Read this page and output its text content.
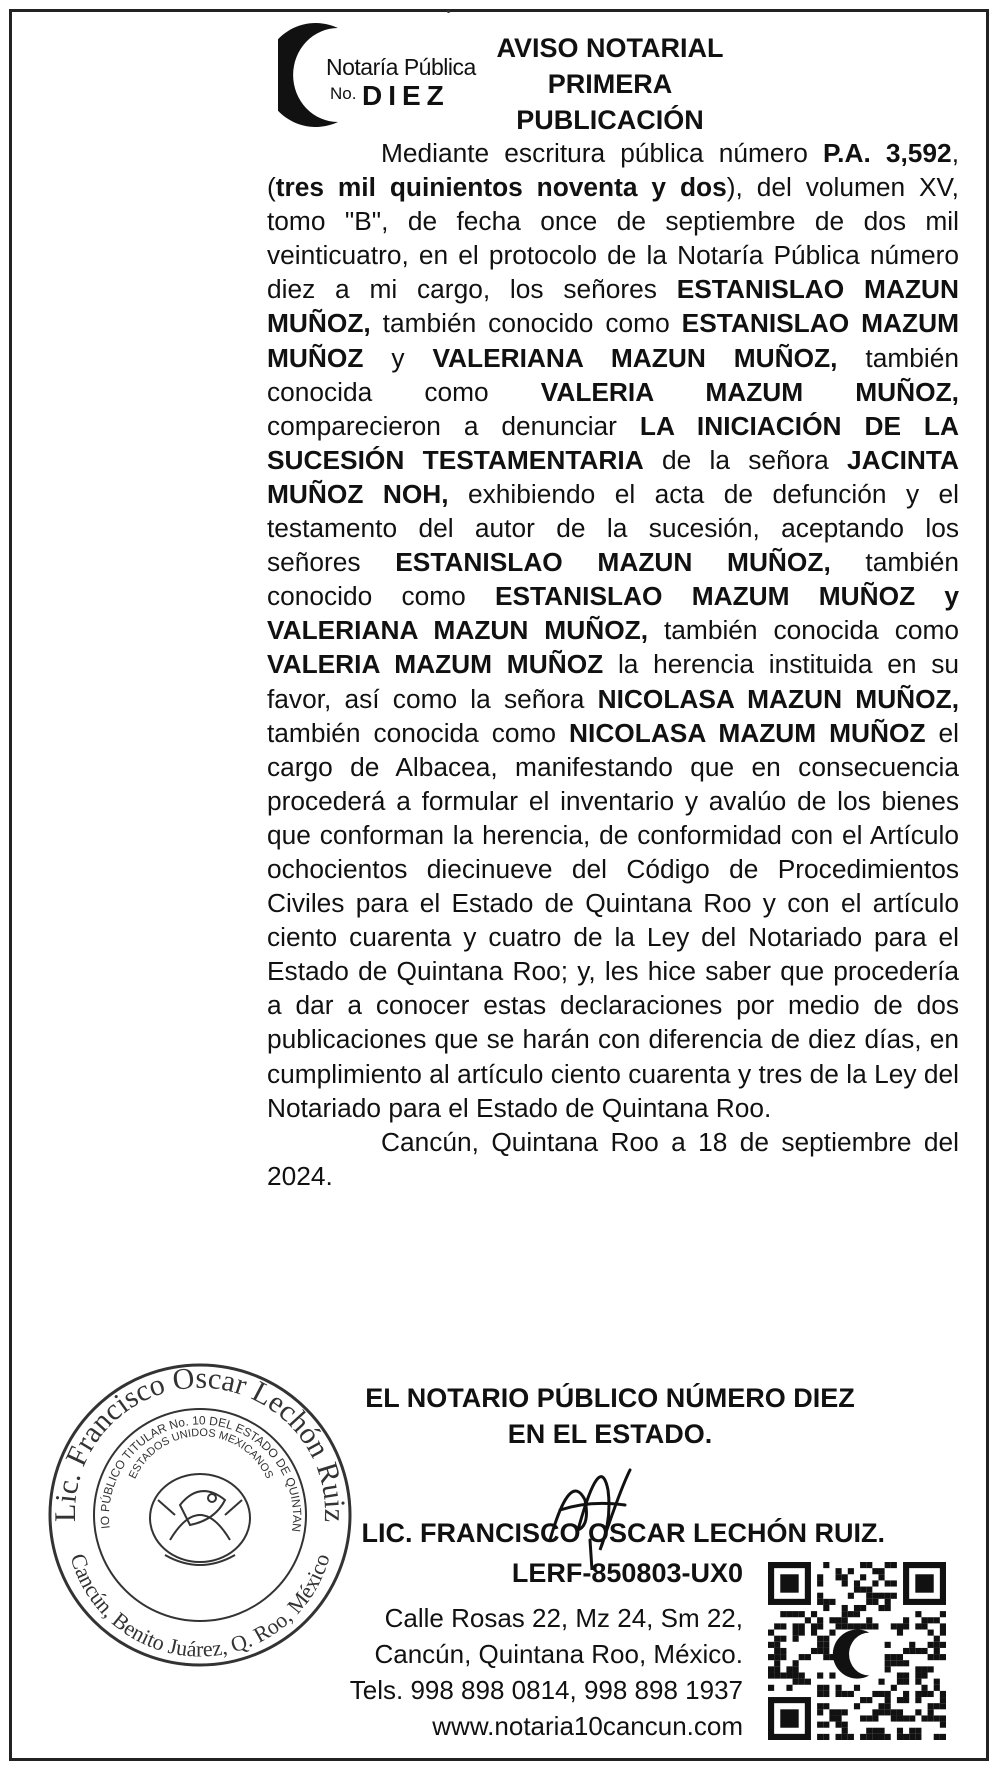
Notaría Pública
No. DIEZ
AVISO NOTARIAL
PRIMERA
PUBLICACIÓN

Mediante escritura pública número P.A. 3,592, (tres mil quinientos noventa y dos), del volumen XV, tomo "B", de fecha once de septiembre de dos mil veinticuatro, en el protocolo de la Notaría Pública número diez a mi cargo, los señores ESTANISLAO MAZUN MUÑOZ, también conocido como ESTANISLAO MAZUM MUÑOZ y VALERIANA MAZUN MUÑOZ, también conocida como VALERIA MAZUM MUÑOZ, comparecieron a denunciar LA INICIACIÓN DE LA SUCESIÓN TESTAMENTARIA de la señora JACINTA MUÑOZ NOH, exhibiendo el acta de defunción y el testamento del autor de la sucesión, aceptando los señores ESTANISLAO MAZUN MUÑOZ, también conocido como ESTANISLAO MAZUM MUÑOZ y VALERIANA MAZUN MUÑOZ, también conocida como VALERIA MAZUM MUÑOZ la herencia instituida en su favor, así como la señora NICOLASA MAZUN MUÑOZ, también conocida como NICOLASA MAZUM MUÑOZ el cargo de Albacea, manifestando que en consecuencia procederá a formular el inventario y avalúo de los bienes que conforman la herencia, de conformidad con el Artículo ochocientos diecinueve del Código de Procedimientos Civiles para el Estado de Quintana Roo y con el artículo ciento cuarenta y cuatro de la Ley del Notariado para el Estado de Quintana Roo; y, les hice saber que procedería a dar a conocer estas declaraciones por medio de dos publicaciones que se harán con diferencia de diez días, en cumplimiento al artículo ciento cuarenta y tres de la Ley del Notariado para el Estado de Quintana Roo.

Cancún, Quintana Roo a 18 de septiembre del 2024.

Lic. Francisco Oscar Lechón Ruiz
IO PÚBLICO TITULAR No. 10 DEL ESTADO DE QUINTAN
ESTADOS UNIDOS MEXICANOS
Cancún, Benito Juárez, Q. Roo, México
EL NOTARIO PÚBLICO NÚMERO DIEZ
EN EL ESTADO.
LIC. FRANCISCO OSCAR LECHÓN RUIZ.
LERF-850803-UX0
Calle Rosas 22, Mz 24, Sm 22,
Cancún, Quintana Roo, México.
Tels. 998 898 0814, 998 898 1937
www.notaria10cancun.com
